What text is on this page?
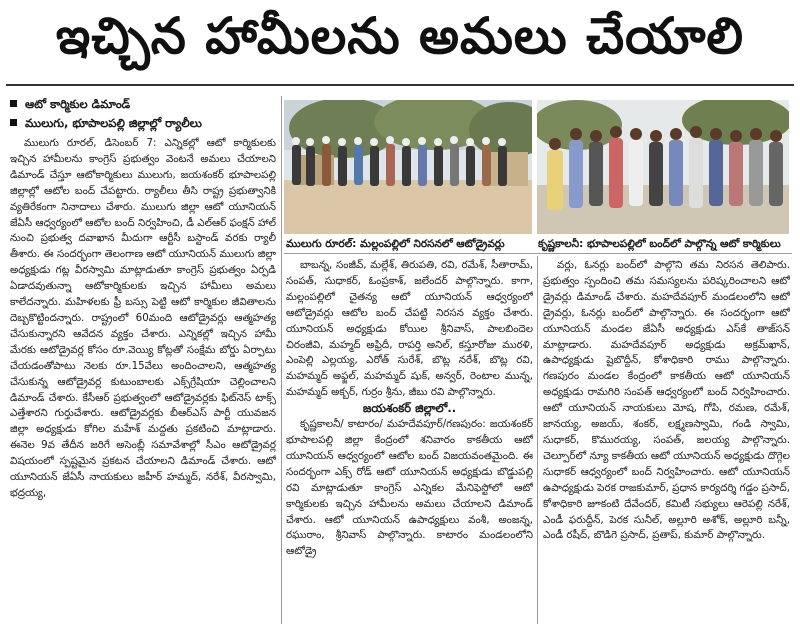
ఇచ్చిన హామీలను అమలు చేయాలి
ఆటో కార్మికుల డిమాండ్
ములుగు, భూపాలపల్లి జిల్లాల్లో ర్యాలీలు

ములుగు రూరల్, డిసెంబర్ 7: ఎన్నికల్లో ఆటో కార్మికులకు ఇచ్చిన హామీలను కాంగ్రెస్ ప్రభుత్వం వెంటనే అమలు చేయాలని డిమాండ్ చేస్తూ ఆటోకార్మికులు ములుగు, జయశంకర్ భూపాలపల్లి జిల్లాల్లో ఆటోల బంద్ చేపట్టారు. ర్యాలీలు తీసి రాష్ట్ర ప్రభుత్వానికి వ్యతిరేకంగా నినాదాలు చేశారు. ములుగు జిల్లా ఆటో యూనియన్ జేఏసీ ఆధ్వర్యంలో ఆటోల బంద్ నిర్వహించి, డీ ఎల్‌ఆర్ ఫంక్షన్ హాల్ నుంచి ప్రభుత్వ దవాఖాన మీదుగా ఆర్టీసీ బస్టాండ్ వరకు ర్యాలీ తీశారు. ఈ సందర్భంగా తెలంగాణ ఆటో యూనియన్ ములుగు జిల్లా అధ్యక్షుడు గట్ల వీరస్వామి మాట్లాడుతూ కాంగ్రెస్ ప్రభుత్వం ఏర్పడి ఏడాదవుతున్నా ఆటోకార్మికులకు ఇచ్చిన హామీలు అమలు కాలేదన్నారు. మహిళలకు ఫ్రీ బస్సు పెట్టి ఆటో కార్మికుల జీవితాలను దెబ్బకొట్టిందన్నారు. రాష్ట్రంలో 60మంది ఆటోడ్రైవర్లు ఆత్మహత్య చేసుకున్నారని ఆవేదన వ్యక్తం చేశారు. ఎన్నికల్లో ఇచ్చిన హామీ మేరకు ఆటోడ్రైవర్ల కోసం రూ.వెయ్యి కోట్లతో సంక్షేమ బోర్డు ఏర్పాటు చేయడంతోపాటు నెలకు రూ.15వేలు అందించాలని, ఆత్మహత్య చేసుకున్న ఆటోడ్రైవర్ల కుటుంబాలకు ఎక్స్‌గ్రేషియా చెల్లించాలని డిమాండ్ చేశారు. కేసీఆర్ ప్రభుత్వంలో ఆటోడ్రైవర్లకు ఫిట్‌నెస్ టాక్స్ ఎత్తేశారని గుర్తుచేశారు. ఆటోడ్రైవర్లకు బీఆర్‌ఎస్ పార్టీ యువజన జిల్లా అధ్యక్షుడు కోగిల మహేశ్ మద్దతు ప్రకటించి మాట్లాడారు. ఈనెల 9వ తేదీన జరిగే అసెంబ్లీ సమావేశాల్లో సీఎం ఆటోడ్రైవర్ల విషయంలో స్పష్టమైన ప్రకటన చేయాలని డిమాండ్ చేశారు. ఆటో యూనియన్ జేఏసీ నాయకులు జహీర్ హమ్మద్, నరేశ్, వీరస్వామి, భద్రయ్య,

ములుగు రూరల్: మల్లంపల్లిలో నిరసనలో ఆటోడ్రైవర్లు	కృష్ణకాలనీ: భూపాలపల్లిలో బంద్‌లో పాల్గొన్న ఆటో కార్మికులు

బాబన్న, సంజీవ్, మల్లేశ్, తిరుపతి, రవి, రమేశ్, సీతారామ్, సంపత్, సుధాకర్, ఓంప్రకాశ్, జలేందర్ పాల్గొన్నారు. కాగా, మల్లంపల్లిలో చైతన్య ఆటో యూనియన్ ఆధ్వర్యంలో ఆటోడ్రైవర్లు ఆటోల బంద్ చేపట్టి నిరసన వ్యక్తం చేశారు. యూనియన్ అధ్యక్షుడు కోయిల శ్రీనివాస్, పాలబిందెల చిరంజీవి, మహ్మద్ అఫ్రిదీ, రాపర్తి అనిల్, కస్తూరోజు మురళి, ఎంపెల్లి ఎల్లయ్య, ఎరోత్ సురేశ్, బొట్ల నరేశ్, బొట్ల రవి, మహమ్మద్ అఫ్జల్, మహమ్మద్ షుక్, అన్వర్, రెంటాల మున్న, మహమ్మద్ అక్బర్, గుర్రం శ్రీను, జీబు రవి పాల్గొన్నారు.

జయశంకర్ జిల్లాలో..

కృష్ణకాలనీ/ కాటారం/ మహదేవపూర్/గణపురం: జయశంకర్ భూపాలపల్లి జిల్లా కేంద్రంలో శనివారం కాకతీయ ఆటో యూనియన్ ఆధ్వర్యంలో ఆటోల బంద్ విజయవంతమైంది. ఈ సందర్భంగా ఎక్స్ రోడ్ ఆటో యూనియన్ అధ్యక్షుడు బొడ్డుపల్లి రవి మాట్లాడుతూ కాంగ్రెస్ ఎన్నికల మేనిఫెస్టోలో ఆటో కార్మికులకు ఇచ్చిన హామీలను అమలు చేయాలని డిమాండ్ చేశారు. ఆటో యూనియన్ ఉపాధ్యక్షులు వంశీ, అంజన్న, రఘురాం, శ్రీనివాస్ పాల్గొన్నారు. కాటారం మండలంలోని ఆటోడ్రై

వర్లు, ఓనర్లు బంద్‌లో పాల్గొని తమ నిరసన తెలిపారు. ప్రభుత్వం స్పందించి తమ సమస్యలను పరిష్కరించాలని ఆటో డ్రైవర్లు డిమాండ్ చేశారు. మహదేవపూర్ మండలంలోని ఆటో డ్రైవర్లు, ఓనర్లు బంద్‌లో పాల్గొన్నారు. ఈ సందర్భంగా ఆటో యూనియన్ మండల జేఏసీ అధ్యక్షుడు ఎస్‌కే తాజ్‌సన్ మాట్లాడారు. మహదేవపూర్ అధ్యక్షుడు అక్రమ్‌ఖాన్, ఉపాధ్యక్షుడు షైబొద్దీన్, కోశాధికారి రాము పాల్గొన్నారు. గణపురం మండల కేంద్రంలో కాకతీయ ఆటో యూనియన్ అధ్యక్షుడు రామగిరి సంపత్ ఆధ్వర్యంలో బంద్ నిర్వహించారు. ఆటో యూనియన్ నాయకులు మోష, గోపి, రమణ, రమేశ్, జానయ్య, అజయ్, శంకర్, లక్ష్మణస్వామి, గండి స్వామి, సుధాకర్, కొమురయ్య, సంపత్, జలయ్య పాల్గొన్నారు. చెల్పూర్‌లో న్యూ కాకతీయ ఆటో యూనియన్ అధ్యక్షుడు దొగ్గెల సుధాకర్ ఆధ్వర్యంలో బంద్ నిర్వహించారు. ఆటో యూనియన్ ఉపాధ్యక్షుడు పెరక రాజకుమార్, ప్రధాన కార్యదర్శి గడ్డం ప్రసాద్, కోశాధికారి జూకంటి దేవేందర్, కమిటీ సభ్యులు ఆరెపల్లి నరేశ్, ఎండీ ఫరుద్దీన్, పెరక సునీల్, అల్లూరి అశోక్, అల్లూరి బన్నీ, ఎండీ రషీద్, బొడిగె ప్రసాద్, ప్రతాప్, కుమార్ పాల్గొన్నారు.
